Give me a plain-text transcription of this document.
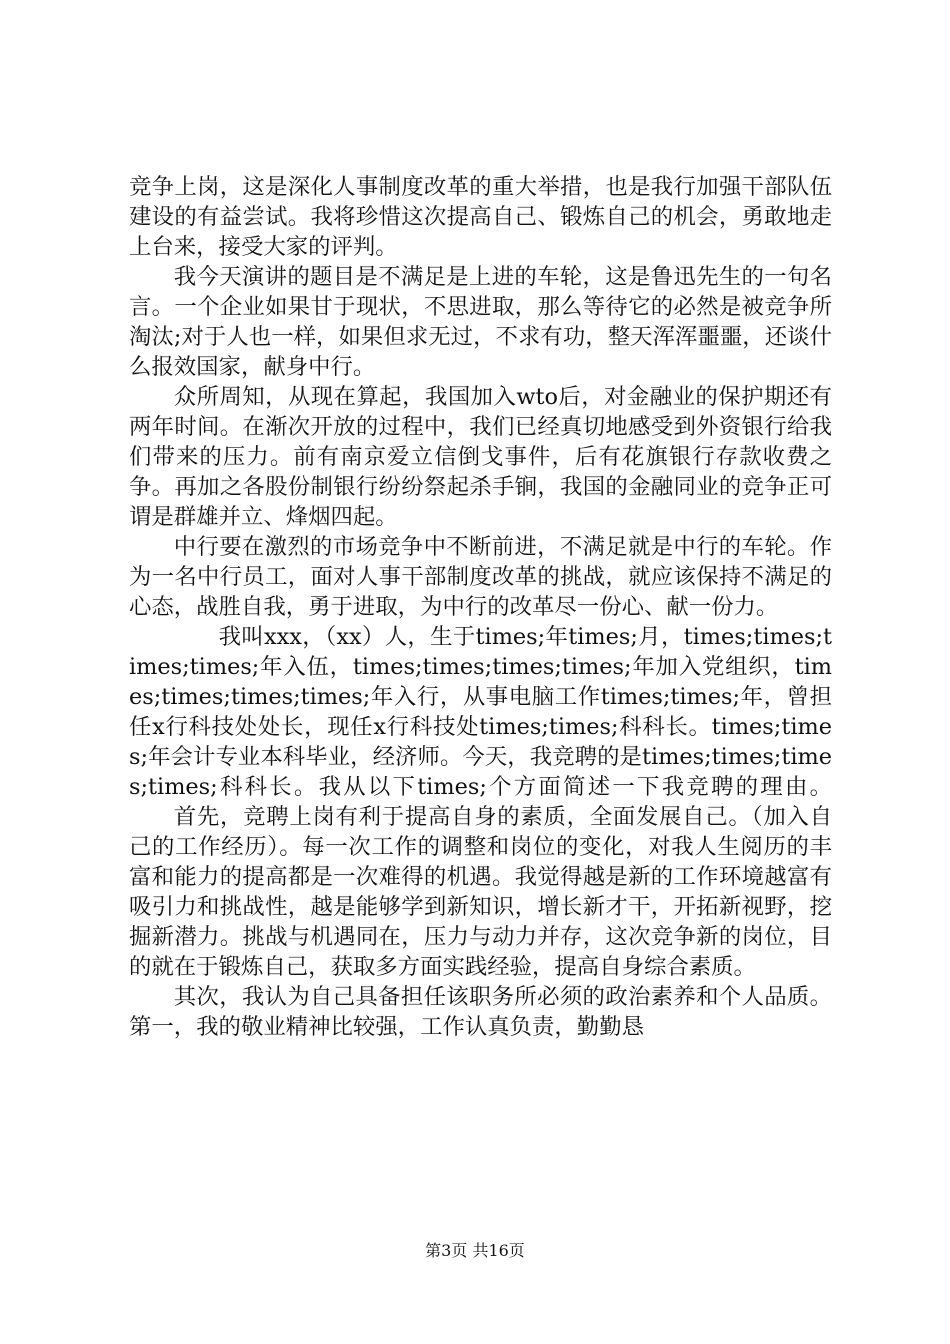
竞争上岗，这是深化人事制度改革的重大举措，也是我行加强干部队伍建设的有益尝试。我将珍惜这次提高自己、锻炼自己的机会，勇敢地走上台来，接受大家的评判。

我今天演讲的题目是不满足是上进的车轮，这是鲁迅先生的一句名言。一个企业如果甘于现状，不思进取，那么等待它的必然是被竞争所淘汰;对于人也一样，如果但求无过，不求有功，整天浑浑噩噩，还谈什么报效国家，献身中行。

众所周知，从现在算起，我国加入wto后，对金融业的保护期还有两年时间。在渐次开放的过程中，我们已经真切地感受到外资银行给我们带来的压力。前有南京爱立信倒戈事件，后有花旗银行存款收费之争。再加之各股份制银行纷纷祭起杀手锏，我国的金融同业的竞争正可谓是群雄并立、烽烟四起。

中行要在激烈的市场竞争中不断前进，不满足就是中行的车轮。作为一名中行员工，面对人事干部制度改革的挑战，就应该保持不满足的心态，战胜自我，勇于进取，为中行的改革尽一份心、献一份力。

我叫xxx，（xx）人，生于times;年times;月，times;times;times;times;年入伍，times;times;times;times;年加入党组织，times;times;times;times;年入行，从事电脑工作times;times;年，曾担任x行科技处处长，现任x行科技处times;times;科科长。times;times;年会计专业本科毕业，经济师。今天，我竞聘的是times;times;times;times;科科长。我从以下times;个方面简述一下我竞聘的理由。

首先，竞聘上岗有利于提高自身的素质，全面发展自己。（加入自己的工作经历）。每一次工作的调整和岗位的变化，对我人生阅历的丰富和能力的提高都是一次难得的机遇。我觉得越是新的工作环境越富有吸引力和挑战性，越是能够学到新知识，增长新才干，开拓新视野，挖掘新潜力。挑战与机遇同在，压力与动力并存，这次竞争新的岗位，目的就在于锻炼自己，获取多方面实践经验，提高自身综合素质。

其次，我认为自己具备担任该职务所必须的政治素养和个人品质。第一，我的敬业精神比较强，工作认真负责，勤勤恳

第3页 共16页
